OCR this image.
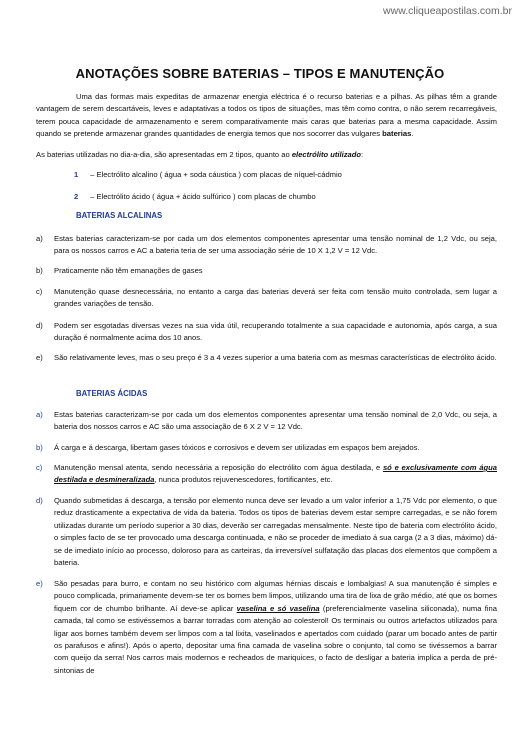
www.cliqueapostilas.com.br
ANOTAÇÕES SOBRE BATERIAS – TIPOS E MANUTENÇÃO
Uma das formas mais expeditas de armazenar energia eléctrica é o recurso baterias e a pilhas. As pilhas têm a grande vantagem de serem descartáveis, leves e adaptativas a todos os tipos de situações, mas têm como contra, o não serem recarregáveis, terem pouca capacidade de armazenamento e serem comparativamente mais caras que baterias para a mesma capacidade. Assim quando se pretende armazenar grandes quantidades de energia temos que nos socorrer das vulgares baterias.
As baterias utilizadas no dia-a-dia, são apresentadas em 2 tipos, quanto ao electrólito utilizado:
1 – Electrólito alcalino ( água + soda cáustica ) com placas de níquel-cádmio
2 – Electrólito ácido ( água + ácido sulfúrico ) com placas de chumbo
BATERIAS ALCALINAS
a) Estas baterias caracterizam-se por cada um dos elementos componentes apresentar uma tensão nominal de 1,2 Vdc, ou seja, para os nossos carros e AC a bateria teria de ser uma associação série de 10 X 1,2 V = 12 Vdc.
b) Praticamente não têm emanações de gases
c) Manutenção quase desnecessária, no entanto a carga das baterias deverá ser feita com tensão muito controlada, sem lugar a grandes variações de tensão.
d) Podem ser esgotadas diversas vezes na sua vida útil, recuperando totalmente a sua capacidade e autonomia, após carga, a sua duração é normalmente acima dos 10 anos.
e) São relativamente leves, mas o seu preço é 3 a 4 vezes superior a uma bateria com as mesmas características de electrólito ácido.
BATERIAS ÁCIDAS
a) Estas baterias caracterizam-se por cada um dos elementos componentes apresentar uma tensão nominal de 2,0 Vdc, ou seja, a bateria dos nossos carros e AC são uma associação de 6 X 2 V = 12 Vdc.
b) Á carga e á descarga, libertam gases tóxicos e corrosivos e devem ser utilizadas em espaços bem arejados.
c) Manutenção mensal atenta, sendo necessária a reposição do electrólito com água destilada, e só e exclusivamente com água destilada e desmineralizada, nunca produtos rejuvenescedores, fortificantes, etc.
d) Quando submetidas á descarga, a tensão por elemento nunca deve ser levado a um valor inferior a 1,75 Vdc por elemento, o que reduz drasticamente a expectativa de vida da bateria. Todos os tipos de baterias devem estar sempre carregadas, e se não forem utilizadas durante um período superior a 30 dias, deverão ser carregadas mensalmente. Neste tipo de bateria com electrólito ácido, o simples facto de se ter provocado uma descarga continuada, e não se proceder de imediato á sua carga (2 a 3 dias, máximo) dá-se de imediato início ao processo, doloroso para as carteiras, da irreversível sulfatação das placas dos elementos que compõem a bateria.
e) São pesadas para burro, e contam no seu histórico com algumas hérnias discais e lombalgias! A sua manutenção é simples e pouco complicada, primariamente devem-se ter os bornes bem limpos, utilizando uma tira de lixa de grão médio, até que os bornes fiquem cor de chumbo brilhante. Aí deve-se aplicar vaselina e só vaselina (preferencialmente vaselina siliconada), numa fina camada, tal como se estivéssemos a barrar torradas com atenção ao colesterol! Os terminais ou outros artefactos utilizados para ligar aos bornes também devem ser limpos com a tal lixita, vaselinados e apertados com cuidado (parar um bocado antes de partir os parafusos e afins!). Após o aperto, depositar uma fina camada de vaselina sobre o conjunto, tal como se tivéssemos a barrar com queijo da serra! Nos carros mais modernos e recheados de mariquices, o facto de desligar a bateria implica a perda de pré-sintonias de
